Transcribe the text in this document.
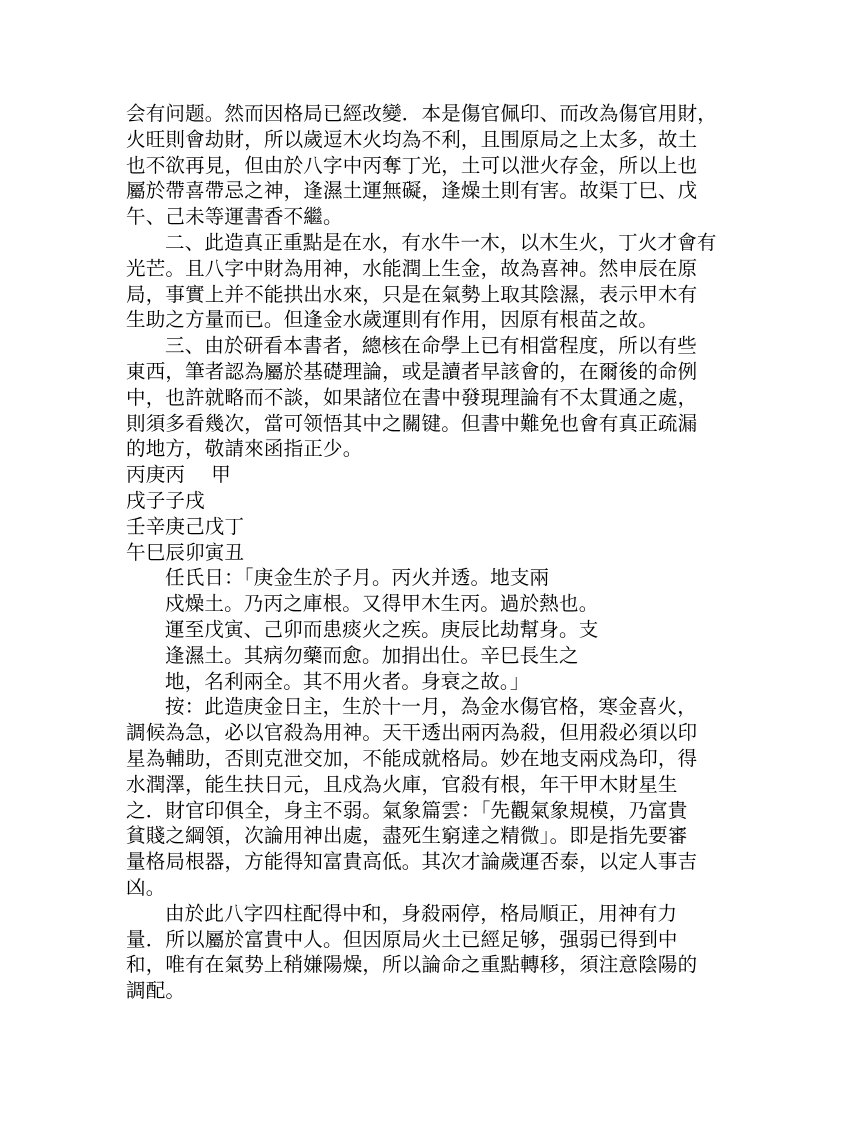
会有问题。然而因格局已經改變．本是傷官佩印、而改為傷官用財，
火旺則會劫財，所以歲逗木火均為不利，且围原局之上太多，故土
也不欲再見，但由於八字中丙奪丁光，土可以泄火存金，所以上也
屬於帶喜帶忌之神，逢濕土運無礙，逢燥土則有害。故渠丁巳、戊
午、己未等運書香不繼。
二、此造真正重點是在水，有水牛一木，以木生火，丁火才會有
光芒。且八字中財為用神，水能潤上生金，故為喜神。然申辰在原
局，事實上并不能拱出水來，只是在氣勢上取其陰濕，表示甲木有
生助之方量而已。但逢金水歲運則有作用，因原有根苗之故。
三、由於研看本書者，總核在命學上已有相當程度，所以有些
東西，筆者認為屬於基礎理論，或是讀者早該會的，在爾後的命例
中，也許就略而不談，如果諸位在書中發現理論有不太貫通之處，
則須多看幾次，當可领悟其中之關键。但書中難免也會有真正疏漏
的地方，敬請來函指正少。
丙庚丙　 甲
戌子子戌
壬辛庚己戊丁
午巳辰卯寅丑
任氏日：「庚金生於子月。丙火并透。地支兩
戍燥土。乃丙之庫根。又得甲木生丙。過於熱也。
運至戊寅、己卯而患痰火之疾。庚辰比劫幫身。支
逢濕土。其病勿藥而愈。加捐出仕。辛巳長生之
地，名利兩全。其不用火者。身衰之故。」
按：此造庚金日主，生於十一月，為金水傷官格，寒金喜火，
調候為急，必以官殺為用神。天干透出兩丙為殺，但用殺必須以印
星為輔助，否則克泄交加，不能成就格局。妙在地支兩戍為印，得
水潤澤，能生扶日元，且戍為火庫，官殺有根，年干甲木財星生
之．財官印俱全，身主不弱。氣象篇雲：「先觀氣象規模，乃富貴
貧賤之綱領，次論用神出處，盡死生窮達之精微」。即是指先要審
量格局根器，方能得知富貴高低。其次才論歲運否泰，以定人事吉
凶。
由於此八字四柱配得中和，身殺兩停，格局順正，用神有力
量．所以屬於富貴中人。但因原局火土已經足够，强弱已得到中
和，唯有在氣势上稍嫌陽燥，所以論命之重點轉移，須注意陰陽的
調配。
